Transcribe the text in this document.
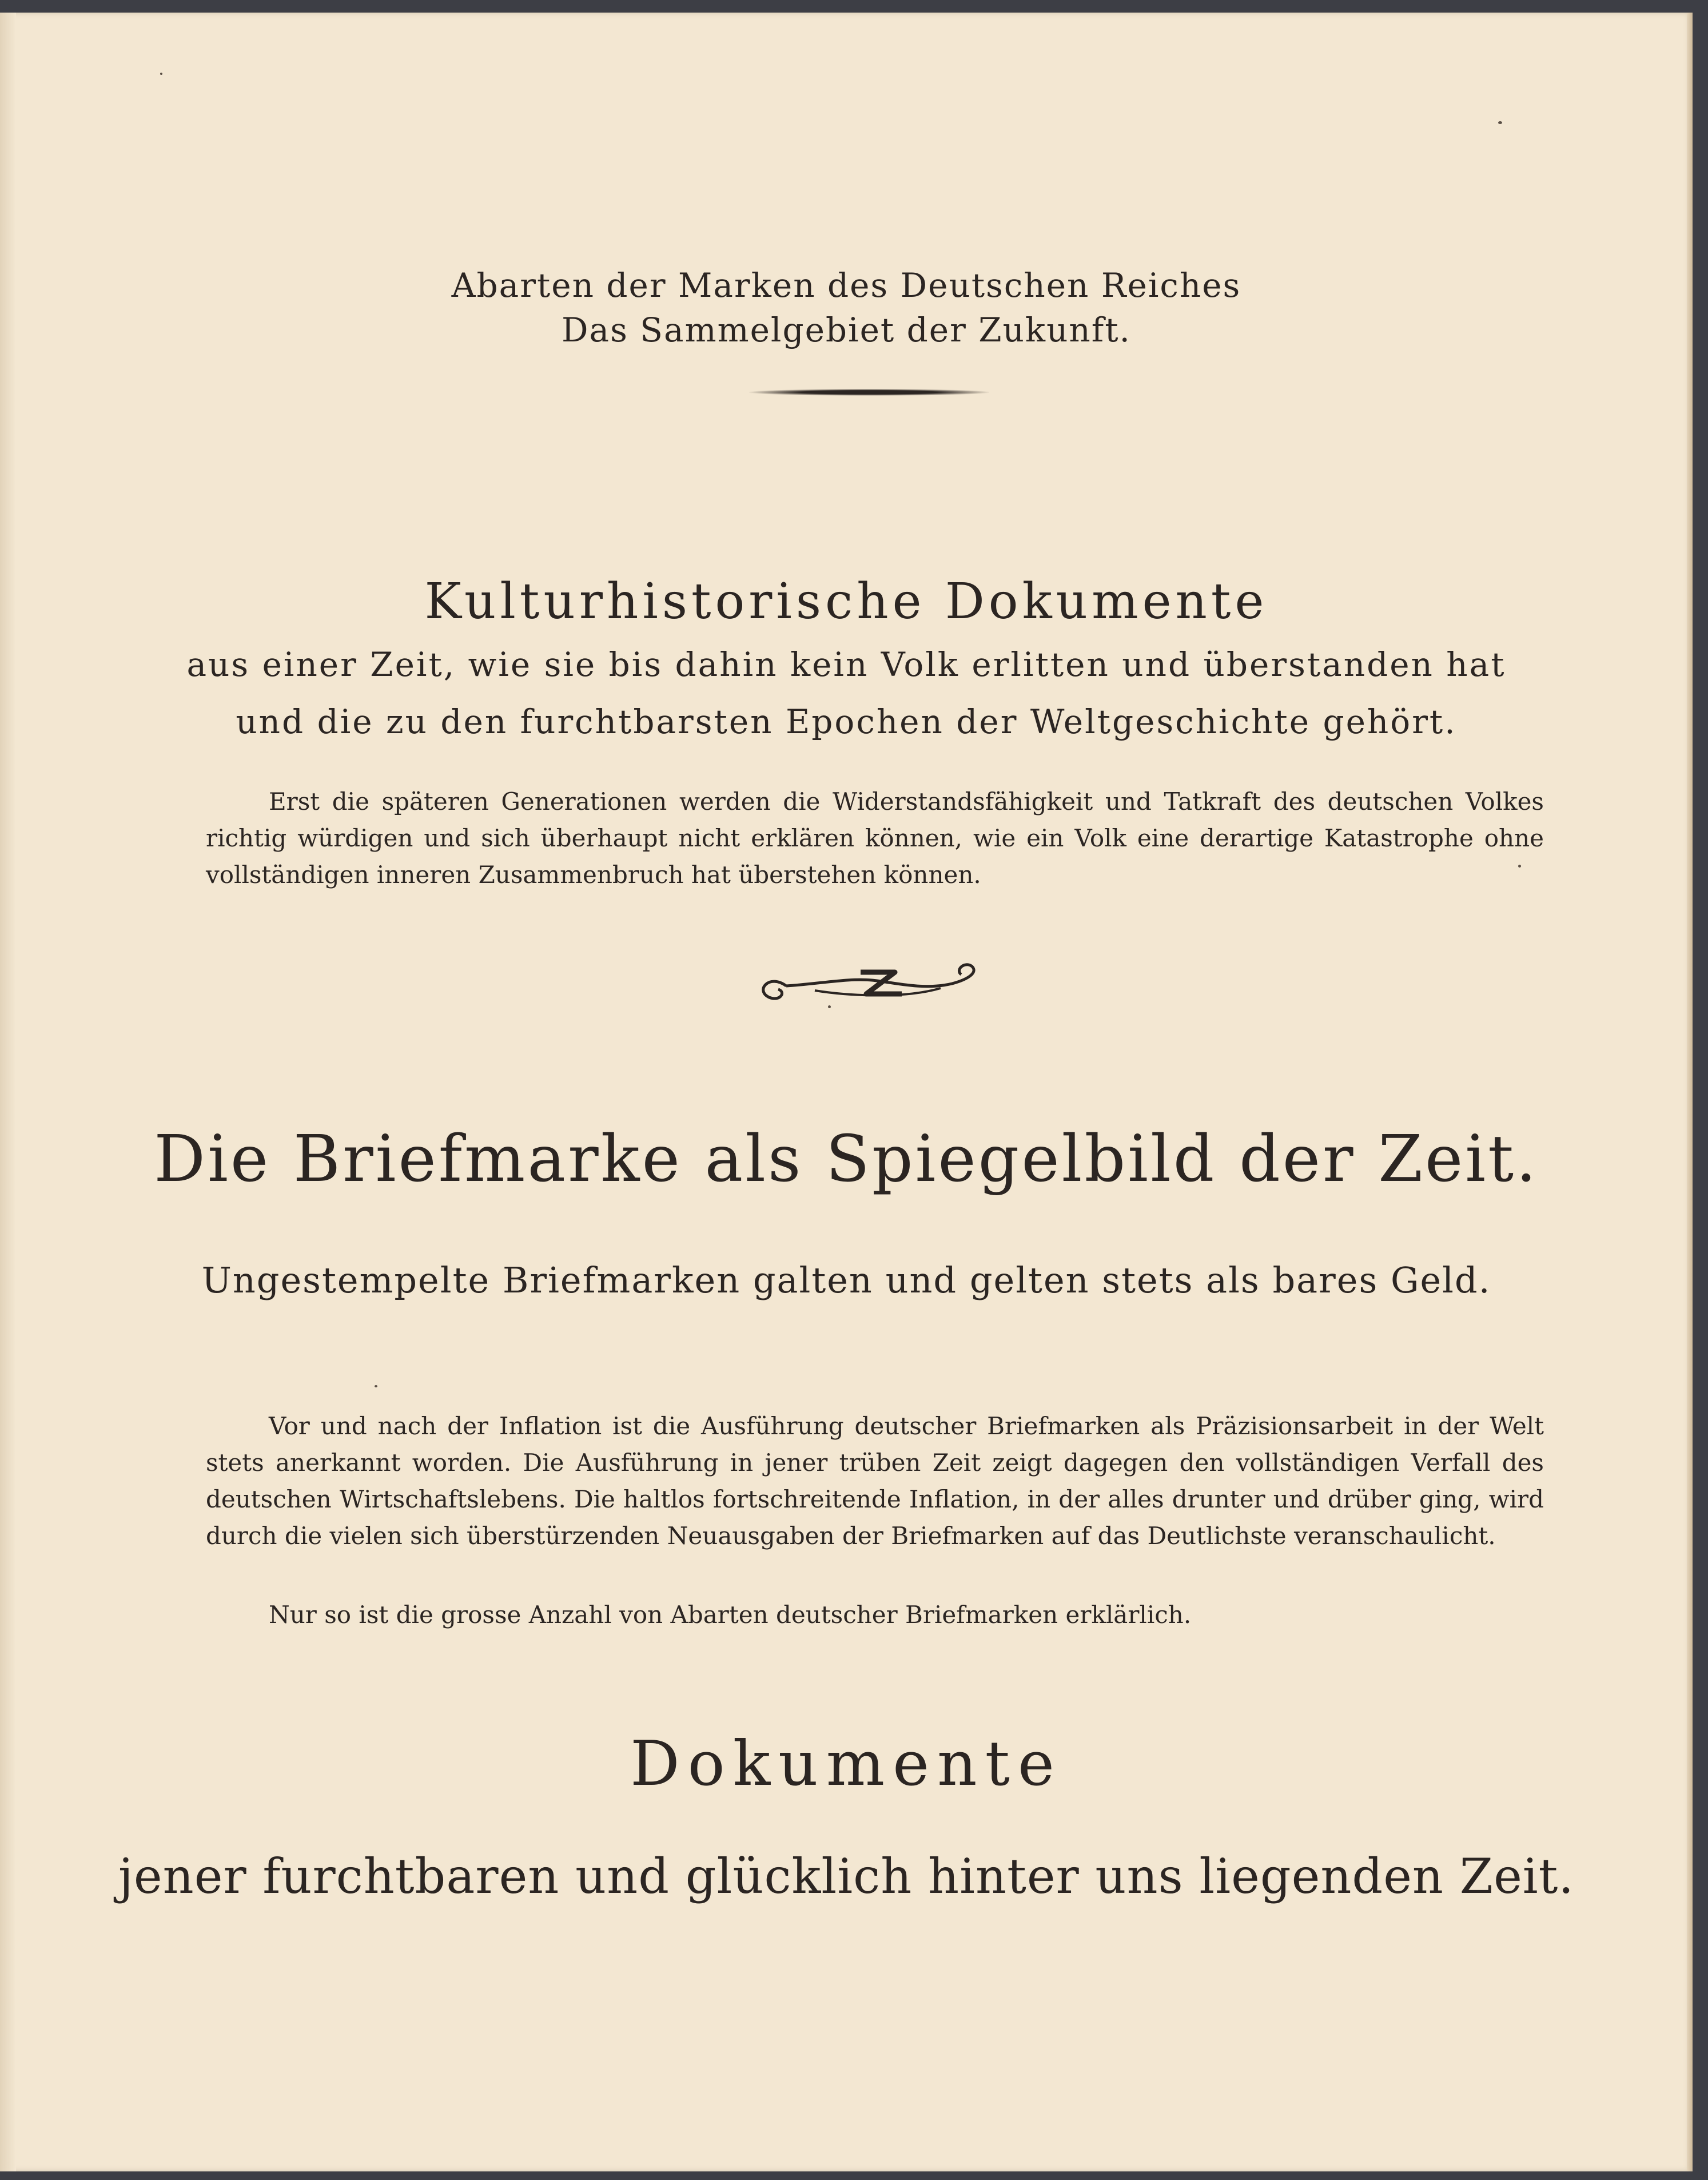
Abarten der Marken des Deutschen Reiches
Das Sammelgebiet der Zukunft.
Kulturhistorische Dokumente
aus einer Zeit, wie sie bis dahin kein Volk erlitten und überstanden hat
und die zu den furchtbarsten Epochen der Weltgeschichte gehört.
Erst die späteren Generationen werden die Widerstandsfähigkeit und Tatkraft des deutschen Volkes richtig würdigen und sich überhaupt nicht erklären können, wie ein Volk eine derartige Katastrophe ohne vollständigen inneren Zusammenbruch hat überstehen können.
Die Briefmarke als Spiegelbild der Zeit.
Ungestempelte Briefmarken galten und gelten stets als bares Geld.
Vor und nach der Inflation ist die Ausführung deutscher Briefmarken als Präzisionsarbeit in der Welt stets anerkannt worden. Die Ausführung in jener trüben Zeit zeigt dagegen den vollständigen Verfall des deutschen Wirtschaftslebens. Die haltlos fortschreitende Inflation, in der alles drunter und drüber ging, wird durch die vielen sich überstürzenden Neuausgaben der Briefmarken auf das Deutlichste veranschaulicht.
Nur so ist die grosse Anzahl von Abarten deutscher Briefmarken erklärlich.
Dokumente
jener furchtbaren und glücklich hinter uns liegenden Zeit.
